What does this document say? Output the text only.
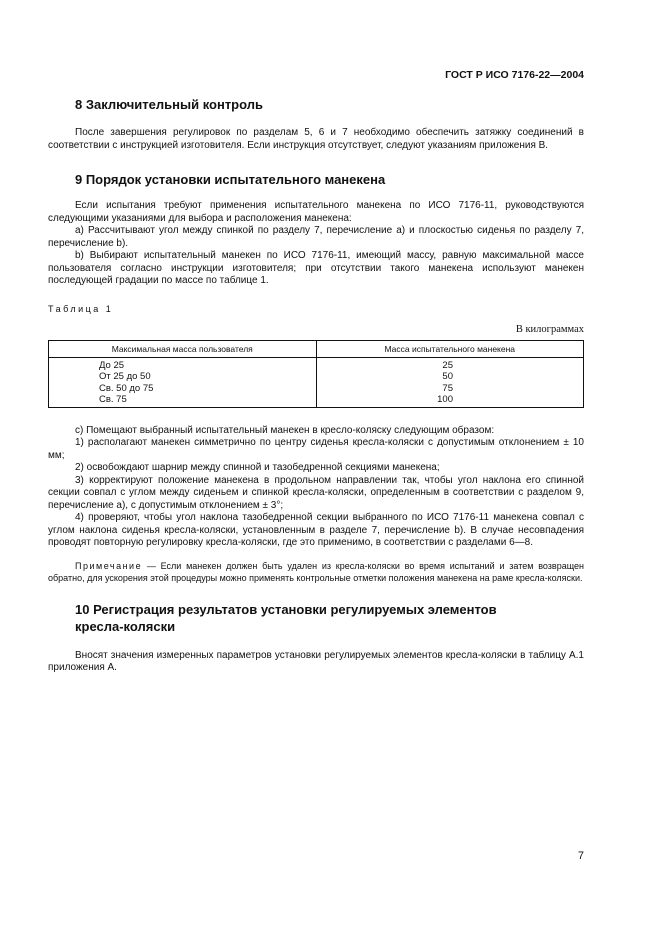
ГОСТ Р ИСО 7176-22—2004
8 Заключительный контроль

После завершения регулировок по разделам 5, 6 и 7 необходимо обеспечить затяжку соединений в соответствии с инструкцией изготовителя. Если инструкция отсутствует, следуют указаниям приложения В.

9 Порядок установки испытательного манекена

Если испытания требуют применения испытательного манекена по ИСО 7176-11, руководствуются следующими указаниями для выбора и расположения манекена:

а) Рассчитывают угол между спинкой по разделу 7, перечисление а) и плоскостью сиденья по разделу 7, перечисление b).

b) Выбирают испытательный манекен по ИСО 7176-11, имеющий массу, равную максимальной массе пользователя согласно инструкции изготовителя; при отсутствии такого манекена используют манекен последующей градации по массе по таблице 1.

Таблица 1
В килограммах
Максимальная масса пользователя	Масса испытательного манекена
До 25	25
От 25 до 50	50
Св. 50 до 75	75
Св. 75	100

с) Помещают выбранный испытательный манекен в кресло-коляску следующим образом:

1) располагают манекен симметрично по центру сиденья кресла-коляски с допустимым отклонением ± 10 мм;

2) освобождают шарнир между спинной и тазобедренной секциями манекена;

3) корректируют положение манекена в продольном направлении так, чтобы угол наклона его спинной секции совпал с углом между сиденьем и спинкой кресла-коляски, определенным в соответствии с разделом 9, перечисление а), с допустимым отклонением ± 3°;

4) проверяют, чтобы угол наклона тазобедренной секции выбранного по ИСО 7176-11 манекена совпал с углом наклона сиденья кресла-коляски, установленным в разделе 7, перечисление b). В случае несовпадения проводят повторную регулировку кресла-коляски, где это применимо, в соответствии с разделами 6—8.

Примечание — Если манекен должен быть удален из кресла-коляски во время испытаний и затем возвращен обратно, для ускорения этой процедуры можно применять контрольные отметки положения манекена на раме кресла-коляски.
10 Регистрация результатов установки регулируемых элементов
кресла-коляски

Вносят значения измеренных параметров установки регулируемых элементов кресла-коляски в таблицу А.1 приложения А.

7
